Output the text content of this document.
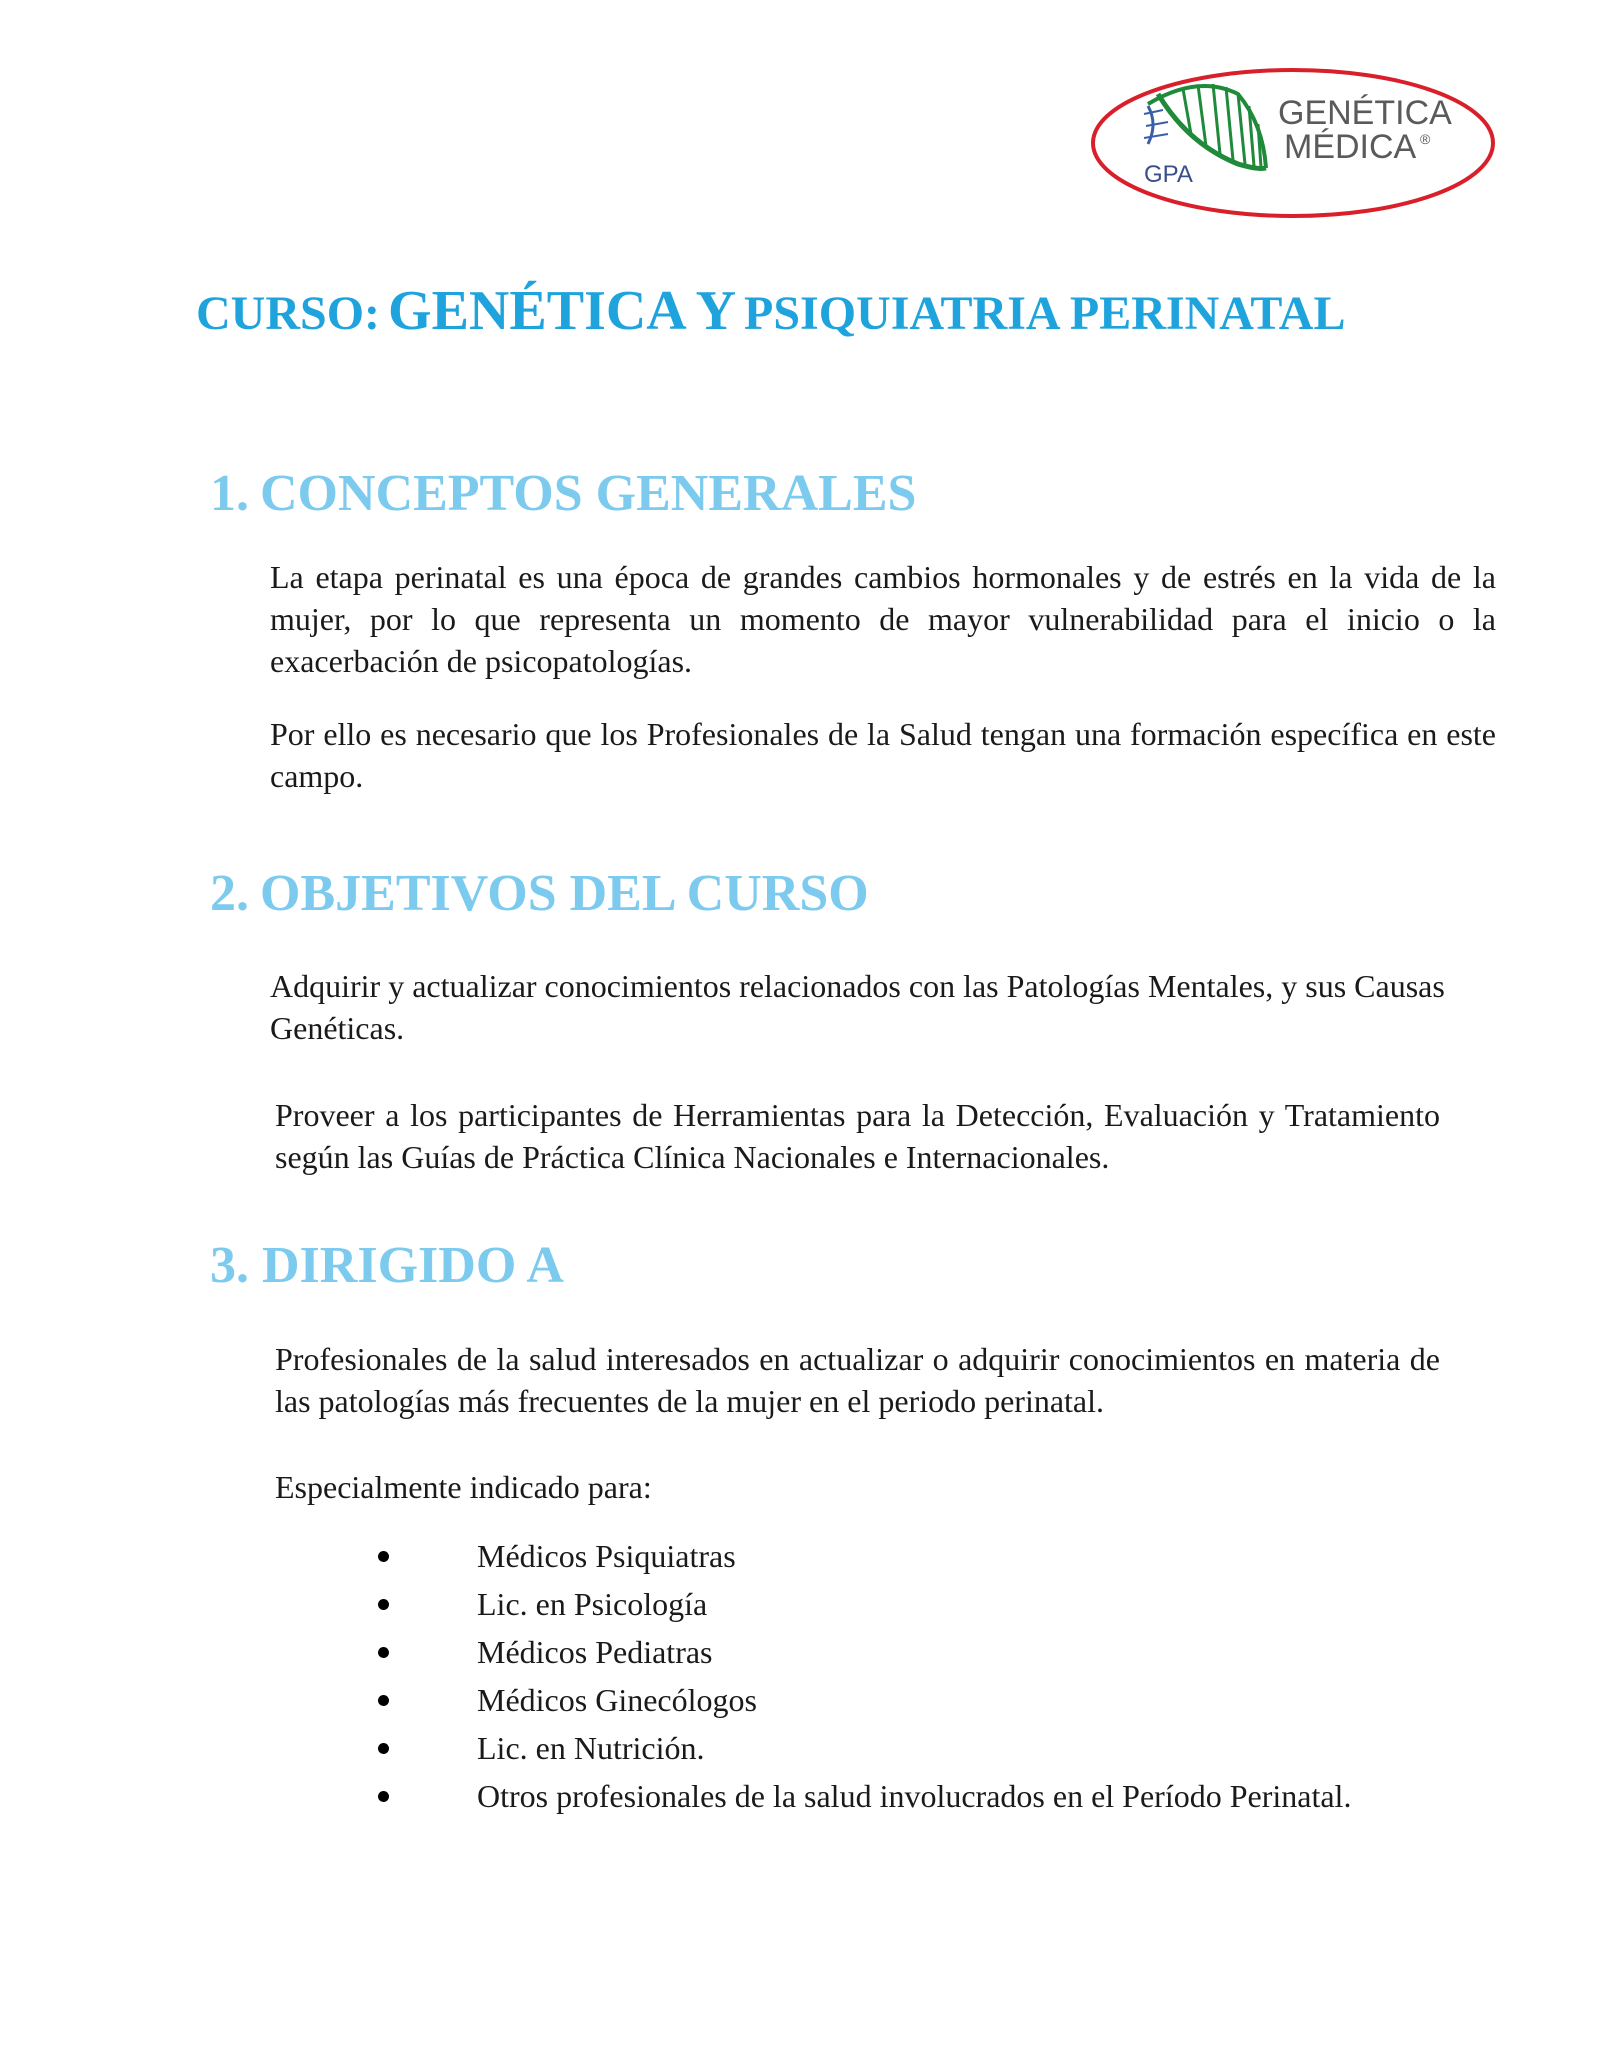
GPA
GENÉTICA
MÉDICA ®
CURSO: GENÉTICA Y PSIQUIATRIA PERINATAL
1. CONCEPTOS GENERALES

La etapa perinatal es una época de grandes cambios hormonales y de estrés en la vida de la mujer, por lo que representa un momento de mayor vulnerabilidad para el inicio o la exacerbación de psicopatologías.

Por ello es necesario que los Profesionales de la Salud tengan una formación específica en este campo.

2. OBJETIVOS DEL CURSO

Adquirir y actualizar conocimientos relacionados con las Patologías Mentales, y sus Causas Genéticas.

Proveer a los participantes de Herramientas para la Detección, Evaluación y Tratamiento según las Guías de Práctica Clínica Nacionales e Internacionales.

3. DIRIGIDO A

Profesionales de la salud interesados en actualizar o adquirir conocimientos en materia de las patologías más frecuentes de la mujer en el periodo perinatal.

Especialmente indicado para:

Médicos Psiquiatras
Lic. en Psicología
Médicos Pediatras
Médicos Ginecólogos
Lic. en Nutrición.
Otros profesionales de la salud involucrados en el Período Perinatal.
